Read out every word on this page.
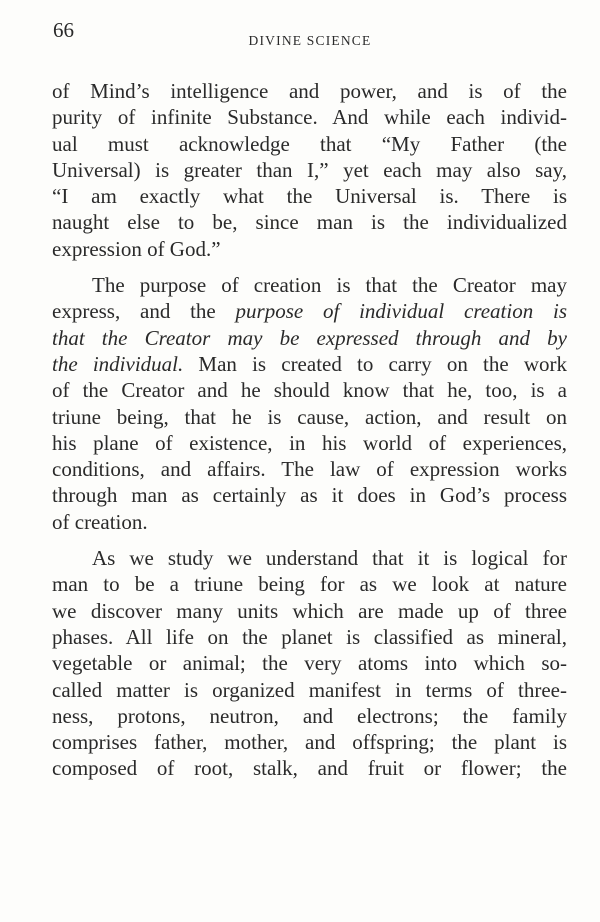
66	DIVINE SCIENCE
of Mind’s intelligence and power, and is of the
purity of infinite Substance. And while each individ-
ual must acknowledge that “My Father (the
Universal) is greater than I,” yet each may also say,
“I am exactly what the Universal is. There is
naught else to be, since man is the individualized
expression of God.”
The purpose of creation is that the Creator may
express, and the purpose of individual creation is
that the Creator may be expressed through and by
the individual. Man is created to carry on the work
of the Creator and he should know that he, too, is a
triune being, that he is cause, action, and result on
his plane of existence, in his world of experiences,
conditions, and affairs. The law of expression works
through man as certainly as it does in God’s process
of creation.
As we study we understand that it is logical for
man to be a triune being for as we look at nature
we discover many units which are made up of three
phases. All life on the planet is classified as mineral,
vegetable or animal; the very atoms into which so-
called matter is organized manifest in terms of three-
ness, protons, neutron, and electrons; the family
comprises father, mother, and offspring; the plant is
composed of root, stalk, and fruit or flower; the
